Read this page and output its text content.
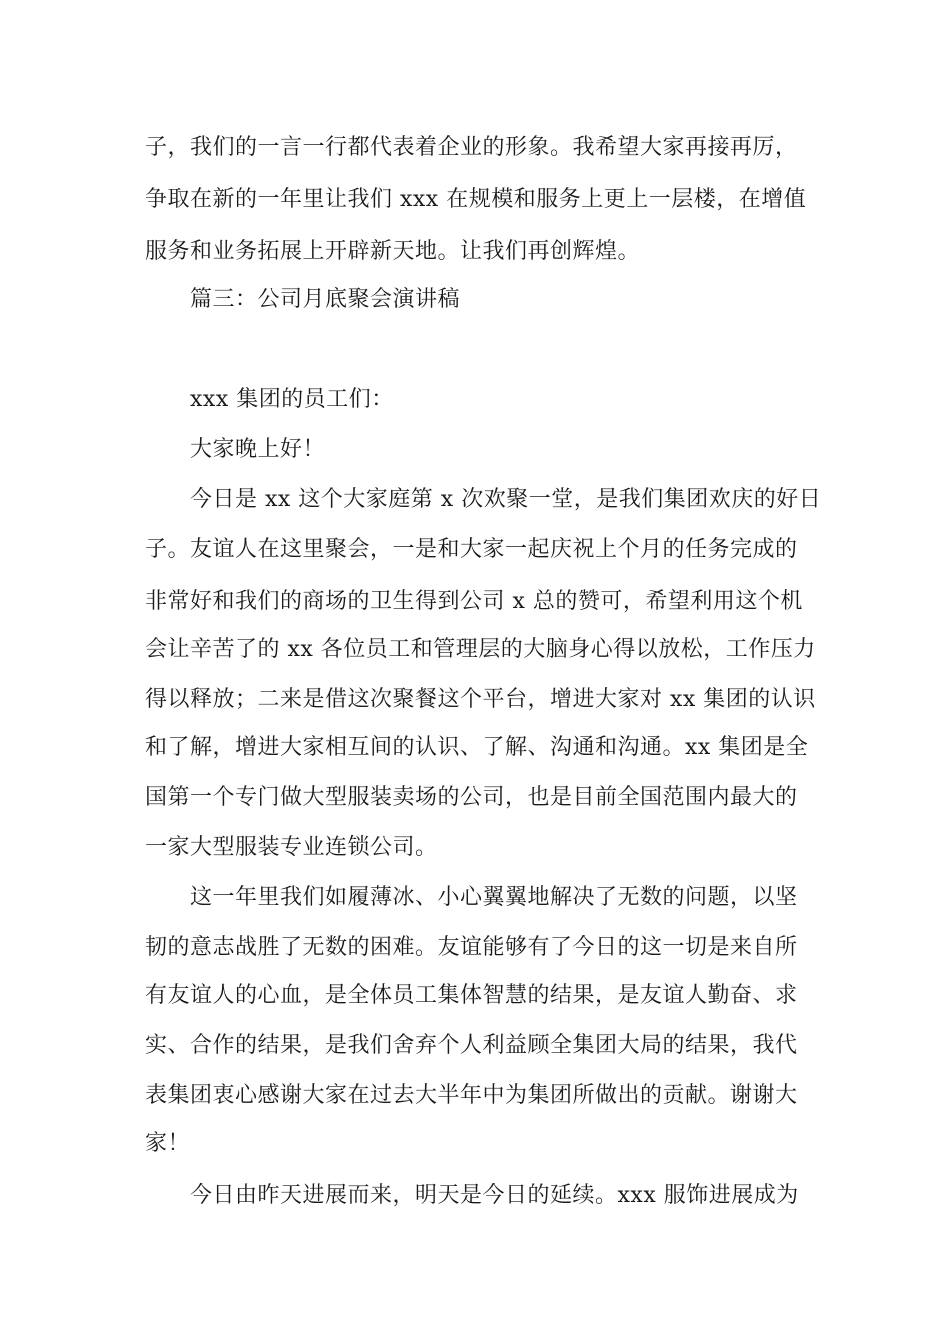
子，我们的一言一行都代表着企业的形象。我希望大家再接再厉，
争取在新的一年里让我们 xxx 在规模和服务上更上一层楼，在增值
服务和业务拓展上开辟新天地。让我们再创辉煌。
篇三：公司月底聚会演讲稿
xxx 集团的员工们：
大家晚上好！
今日是 xx 这个大家庭第 x 次欢聚一堂，是我们集团欢庆的好日
子。友谊人在这里聚会，一是和大家一起庆祝上个月的任务完成的
非常好和我们的商场的卫生得到公司 x 总的赞可，希望利用这个机
会让辛苦了的 xx 各位员工和管理层的大脑身心得以放松，工作压力
得以释放；二来是借这次聚餐这个平台，增进大家对 xx 集团的认识
和了解，增进大家相互间的认识、了解、沟通和沟通。xx 集团是全
国第一个专门做大型服装卖场的公司，也是目前全国范围内最大的
一家大型服装专业连锁公司。
这一年里我们如履薄冰、小心翼翼地解决了无数的问题，以坚
韧的意志战胜了无数的困难。友谊能够有了今日的这一切是来自所
有友谊人的心血，是全体员工集体智慧的结果，是友谊人勤奋、求
实、合作的结果，是我们舍弃个人利益顾全集团大局的结果，我代
表集团衷心感谢大家在过去大半年中为集团所做出的贡献。谢谢大
家！
今日由昨天进展而来，明天是今日的延续。xxx 服饰进展成为
